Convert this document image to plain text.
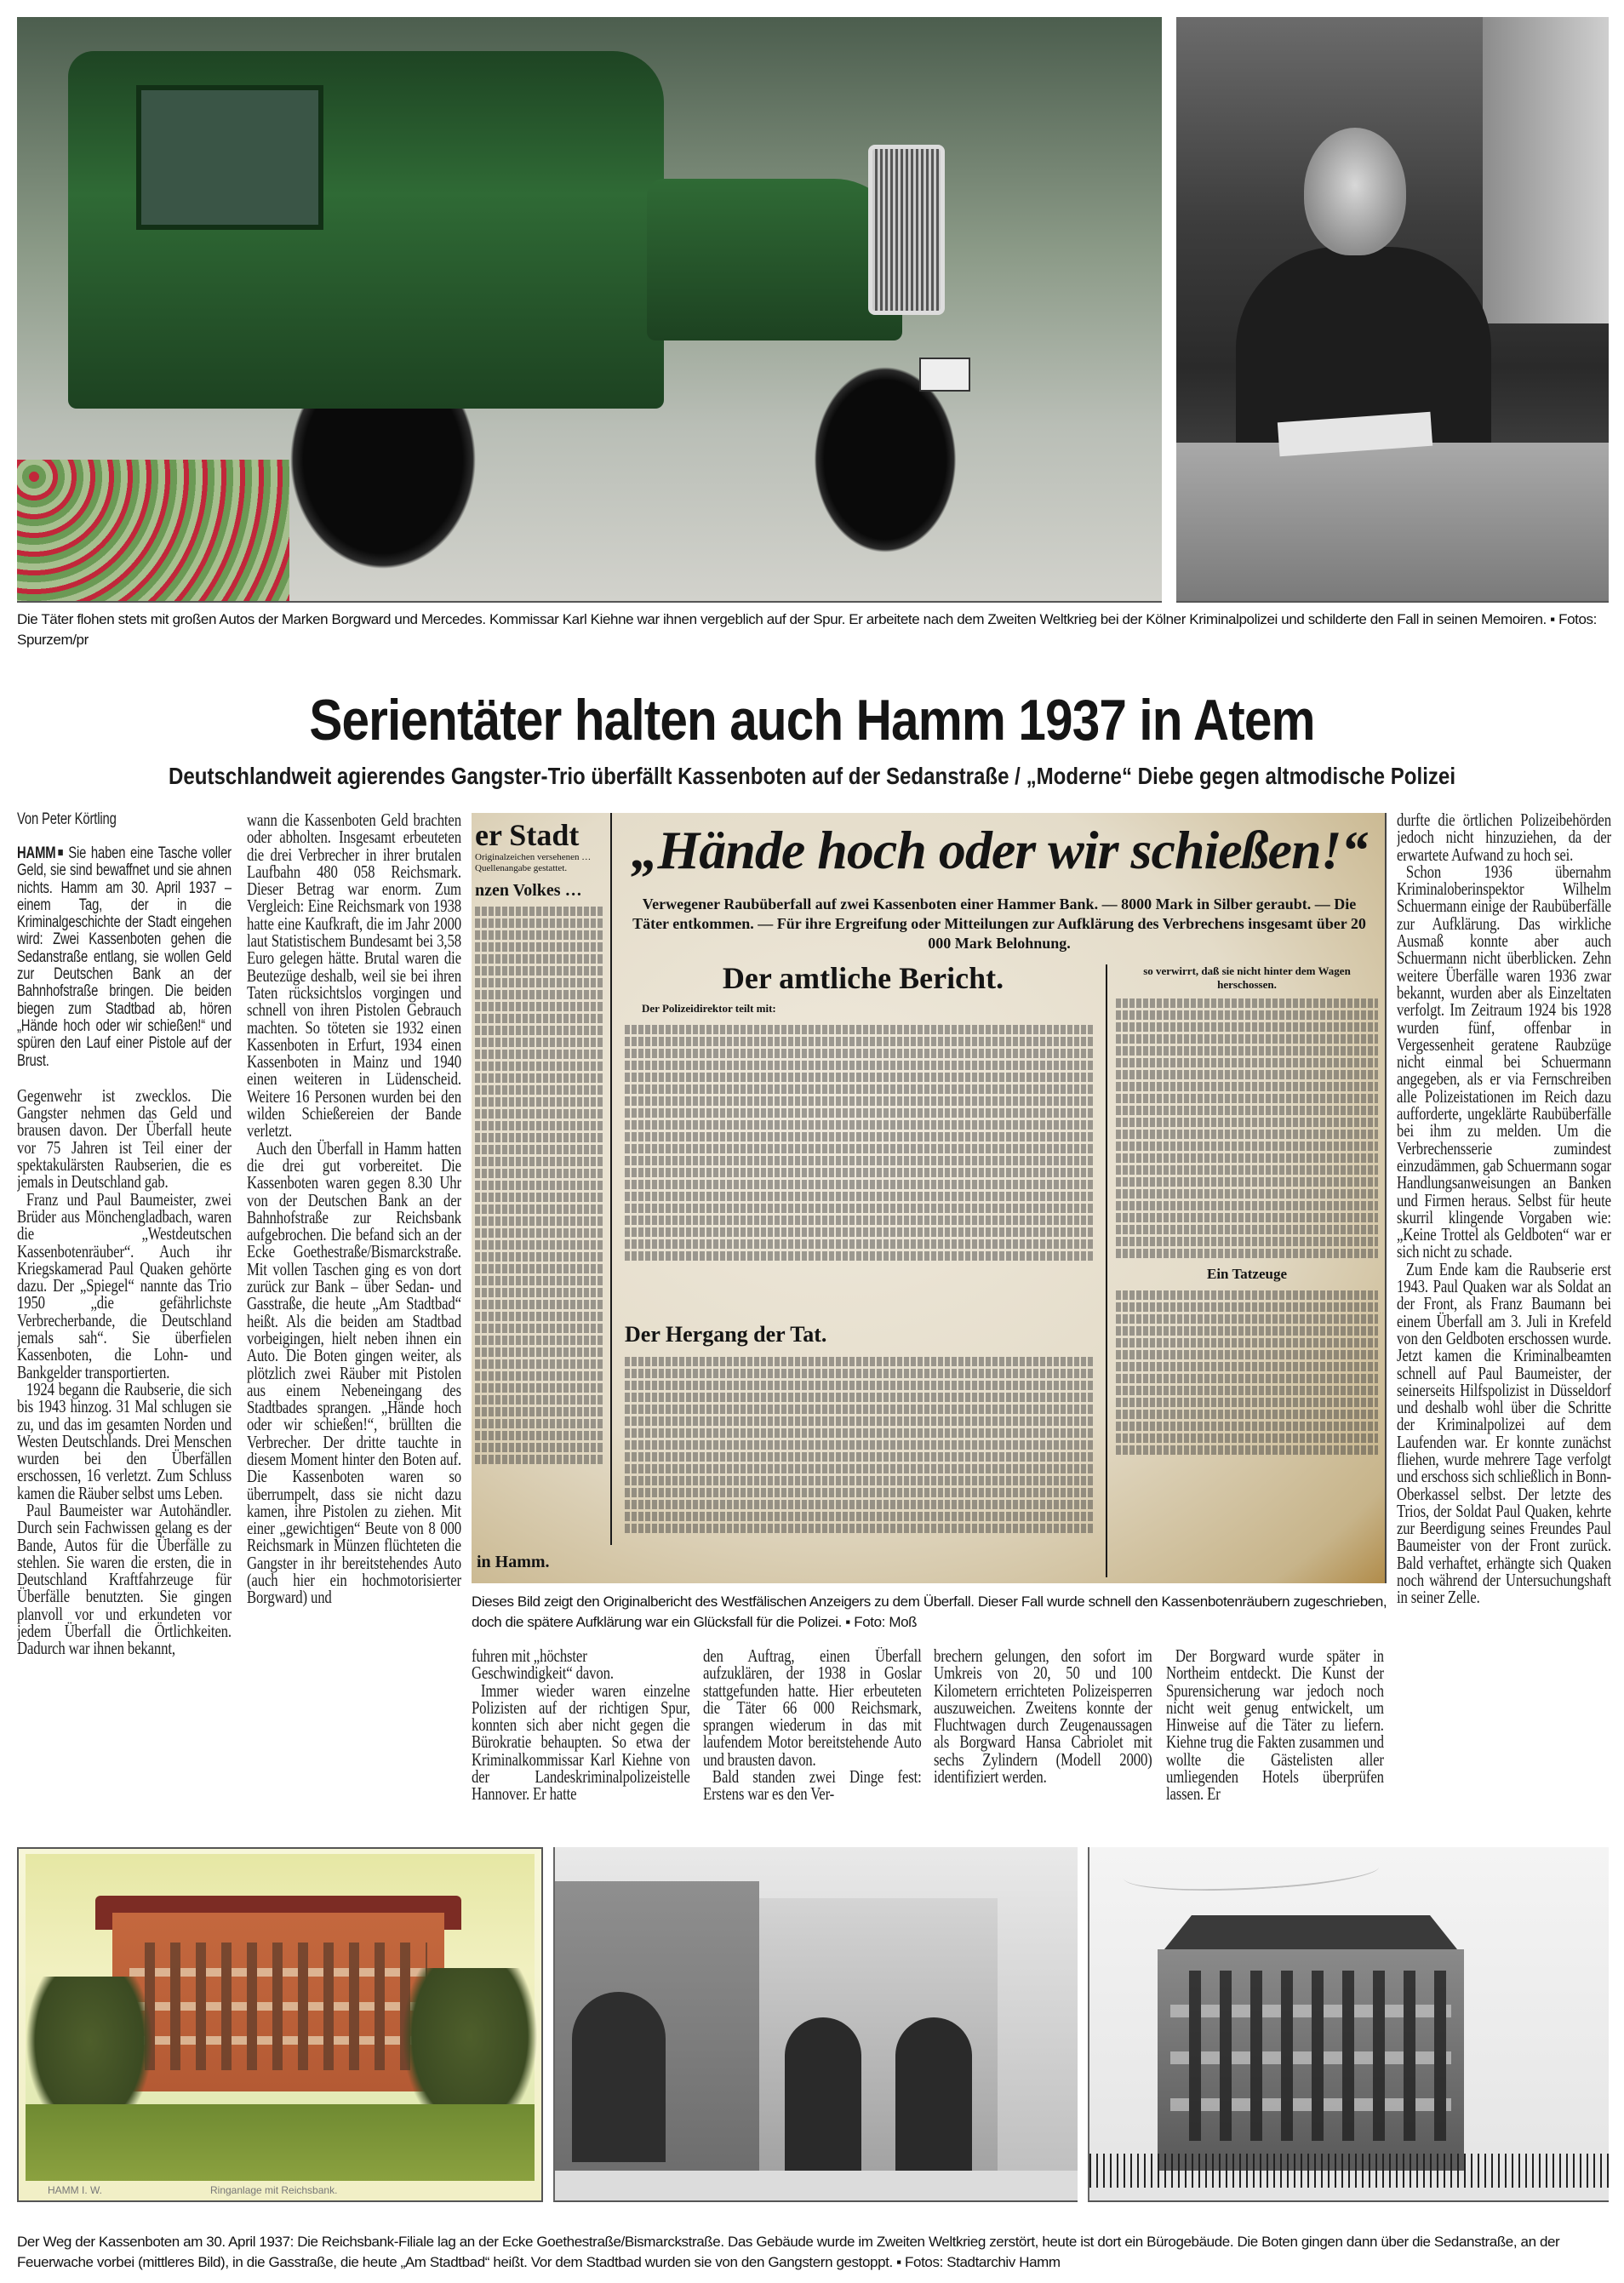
Die Täter flohen stets mit großen Autos der Marken Borgward und Mercedes. Kommissar Karl Kiehne war ihnen vergeblich auf der Spur. Er arbeitete nach dem Zweiten Weltkrieg bei der Kölner Kriminalpolizei und schilderte den Fall in seinen Memoiren. ▪ Fotos: Spurzem/pr
Serientäter halten auch Hamm 1937 in Atem
Deutschlandweit agierendes Gangster-Trio überfällt Kassenboten auf der Sedanstraße / „Moderne“ Diebe gegen altmodische Polizei
Von Peter Körtling

HAMM Sie haben eine Tasche voller Geld, sie sind bewaffnet und sie ahnen nichts. Hamm am 30. April 1937 – einem Tag, der in die Kriminalgeschichte der Stadt eingehen wird: Zwei Kassenboten gehen die Sedanstraße entlang, sie wollen Geld zur Deutschen Bank an der Bahnhofstraße bringen. Die beiden biegen zum Stadtbad ab, hören „Hände hoch oder wir schießen!“ und spüren den Lauf einer Pistole auf der Brust.

Gegenwehr ist zwecklos. Die Gangster nehmen das Geld und brausen davon. Der Überfall heute vor 75 Jahren ist Teil einer der spektakulärsten Raubserien, die es jemals in Deutschland gab.

Franz und Paul Baumeister, zwei Brüder aus Mönchengladbach, waren die „Westdeutschen Kassenbotenräuber“. Auch ihr Kriegskamerad Paul Quaken gehörte dazu. Der „Spiegel“ nannte das Trio 1950 „die gefährlichste Verbrecherbande, die Deutschland jemals sah“. Sie überfielen Kassenboten, die Lohn- und Bankgelder transportierten.

1924 begann die Raubserie, die sich bis 1943 hinzog. 31 Mal schlugen sie zu, und das im gesamten Norden und Westen Deutschlands. Drei Menschen wurden bei den Überfällen erschossen, 16 verletzt. Zum Schluss kamen die Räuber selbst ums Leben.

Paul Baumeister war Autohändler. Durch sein Fachwissen gelang es der Bande, Autos für die Überfälle zu stehlen. Sie waren die ersten, die in Deutschland Kraftfahrzeuge für Überfälle benutzten. Sie gingen planvoll vor und erkundeten vor jedem Überfall die Örtlichkeiten. Dadurch war ihnen bekannt,

wann die Kassenboten Geld brachten oder abholten. Insgesamt erbeuteten die drei Verbrecher in ihrer brutalen Laufbahn 480 058 Reichsmark. Dieser Betrag war enorm. Zum Vergleich: Eine Reichsmark von 1938 hatte eine Kaufkraft, die im Jahr 2000 laut Statistischem Bundesamt bei 3,58 Euro gelegen hätte. Brutal waren die Beutezüge deshalb, weil sie bei ihren Taten rücksichtslos vorgingen und schnell von ihren Pistolen Gebrauch machten. So töteten sie 1932 einen Kassenboten in Erfurt, 1934 einen Kassenboten in Mainz und 1940 einen weiteren in Lüdenscheid. Weitere 16 Personen wurden bei den wilden Schießereien der Bande verletzt.

Auch den Überfall in Hamm hatten die drei gut vorbereitet. Die Kassenboten waren gegen 8.30 Uhr von der Deutschen Bank an der Bahnhofstraße zur Reichsbank aufgebrochen. Die befand sich an der Ecke Goethestraße/Bismarckstraße. Mit vollen Taschen ging es von dort zurück zur Bank – über Sedan- und Gasstraße, die heute „Am Stadtbad“ heißt. Als die beiden am Stadtbad vorbeigingen, hielt neben ihnen ein Auto. Die Boten gingen weiter, als plötzlich zwei Räuber mit Pistolen aus einem Nebeneingang des Stadtbades sprangen. „Hände hoch oder wir schießen!“, brüllten die Verbrecher. Der dritte tauchte in diesem Moment hinter den Boten auf. Die Kassenboten waren so überrumpelt, dass sie nicht dazu kamen, ihre Pistolen zu ziehen. Mit einer „gewichtigen“ Beute von 8 000 Reichsmark in Münzen flüchteten die Gangster in ihr bereitstehendes Auto (auch hier ein hochmotorisierter Borgward) und

er Stadt
Originalzeichen versehenen … Quellenangabe gestattet.
nzen Volkes …
„Hände hoch oder wir schießen!“
Verwegener Raubüberfall auf zwei Kassenboten einer Hammer Bank. — 8000 Mark in Silber geraubt. — Die Täter entkommen. — Für ihre Ergreifung oder Mitteilungen zur Aufklärung des Verbrechens insgesamt über 20 000 Mark Belohnung.
Der amtliche Bericht.
Der Polizeidirektor teilt mit:
Der Hergang der Tat.
so verwirrt, daß sie nicht hinter dem Wagen herschossen.
Ein Tatzeuge
in Hamm.
Dieses Bild zeigt den Originalbericht des Westfälischen Anzeigers zu dem Überfall. Dieser Fall wurde schnell den Kassenbotenräubern zugeschrieben, doch die spätere Aufklärung war ein Glücksfall für die Polizei. ▪ Foto: Moß

fuhren mit „höchster Geschwindigkeit“ davon.

Immer wieder waren einzelne Polizisten auf der richtigen Spur, konnten sich aber nicht gegen die Bürokratie behaupten. So etwa der Kriminalkommissar Karl Kiehne von der Landeskriminalpolizeistelle Hannover. Er hatte

den Auftrag, einen Überfall aufzuklären, der 1938 in Goslar stattgefunden hatte. Hier erbeuteten die Täter 66 000 Reichsmark, sprangen wiederum in das mit laufendem Motor bereitstehende Auto und brausten davon.

Bald standen zwei Dinge fest: Erstens war es den Ver-

brechern gelungen, den sofort im Umkreis von 20, 50 und 100 Kilometern errichteten Polizeisperren auszuweichen. Zweitens konnte der Fluchtwagen durch Zeugenaussagen als Borgward Hansa Cabriolet mit sechs Zylindern (Modell 2000) identifiziert werden.

Der Borgward wurde später in Northeim entdeckt. Die Kunst der Spurensicherung war jedoch noch nicht weit genug entwickelt, um Hinweise auf die Täter zu liefern. Kiehne trug die Fakten zusammen und wollte die Gästelisten aller umliegenden Hotels überprüfen lassen. Er

durfte die örtlichen Polizeibehörden jedoch nicht hinzuziehen, da der erwartete Aufwand zu hoch sei.

Schon 1936 übernahm Kriminaloberinspektor Wilhelm Schuermann einige der Raubüberfälle zur Aufklärung. Das wirkliche Ausmaß konnte aber auch Schuermann nicht überblicken. Zehn weitere Überfälle waren 1936 zwar bekannt, wurden aber als Einzeltaten verfolgt. Im Zeitraum 1924 bis 1928 wurden fünf, offenbar in Vergessenheit geratene Raubzüge nicht einmal bei Schuermann angegeben, als er via Fernschreiben alle Polizeistationen im Reich dazu aufforderte, ungeklärte Raubüberfälle bei ihm zu melden. Um die Verbrechensserie zumindest einzudämmen, gab Schuermann sogar Handlungsanweisungen an Banken und Firmen heraus. Selbst für heute skurril klingende Vorgaben wie: „Keine Trottel als Geldboten“ war er sich nicht zu schade.

Zum Ende kam die Raubserie erst 1943. Paul Quaken war als Soldat an der Front, als Franz Baumann bei einem Überfall am 3. Juli in Krefeld von den Geldboten erschossen wurde. Jetzt kamen die Kriminalbeamten schnell auf Paul Baumeister, der seinerseits Hilfspolizist in Düsseldorf und deshalb wohl über die Schritte der Kriminalpolizei auf dem Laufenden war. Er konnte zunächst fliehen, wurde mehrere Tage verfolgt und erschoss sich schließlich in Bonn-Oberkassel selbst. Der letzte des Trios, der Soldat Paul Quaken, kehrte zur Beerdigung seines Freundes Paul Baumeister von der Front zurück. Bald verhaftet, erhängte sich Quaken noch während der Untersuchungshaft in seiner Zelle.

HAMM I. W.	Ringanlage mit Reichsbank.
Der Weg der Kassenboten am 30. April 1937: Die Reichsbank-Filiale lag an der Ecke Goethestraße/Bismarckstraße. Das Gebäude wurde im Zweiten Weltkrieg zerstört, heute ist dort ein Bürogebäude. Die Boten gingen dann über die Sedanstraße, an der Feuerwache vorbei (mittleres Bild), in die Gasstraße, die heute „Am Stadtbad“ heißt. Vor dem Stadtbad wurden sie von den Gangstern gestoppt. ▪ Fotos: Stadtarchiv Hamm
